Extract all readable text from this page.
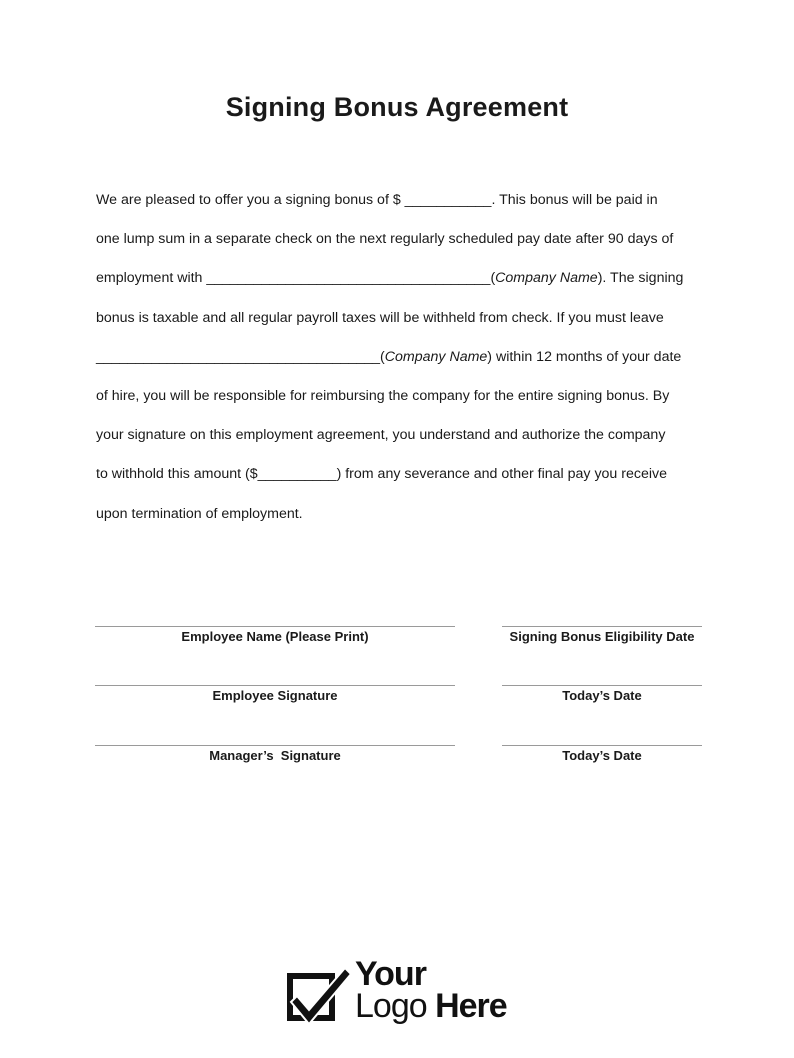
Signing Bonus Agreement
We are pleased to offer you a signing bonus of $ ___________. This bonus will be paid in
one lump sum in a separate check on the next regularly scheduled pay date after 90 days of
employment with ____________________________________(Company Name). The signing
bonus is taxable and all regular payroll taxes will be withheld from check. If you must leave
____________________________________(Company Name) within 12 months of your date
of hire, you will be responsible for reimbursing the company for the entire signing bonus. By
your signature on this employment agreement, you understand and authorize the company
to withhold this amount ($__________) from any severance and other final pay you receive
upon termination of employment.
Employee Name (Please Print)
Employee Signature
Manager’s  Signature
Signing Bonus Eligibility Date
Today’s Date
Today’s Date
Your
Logo Here
